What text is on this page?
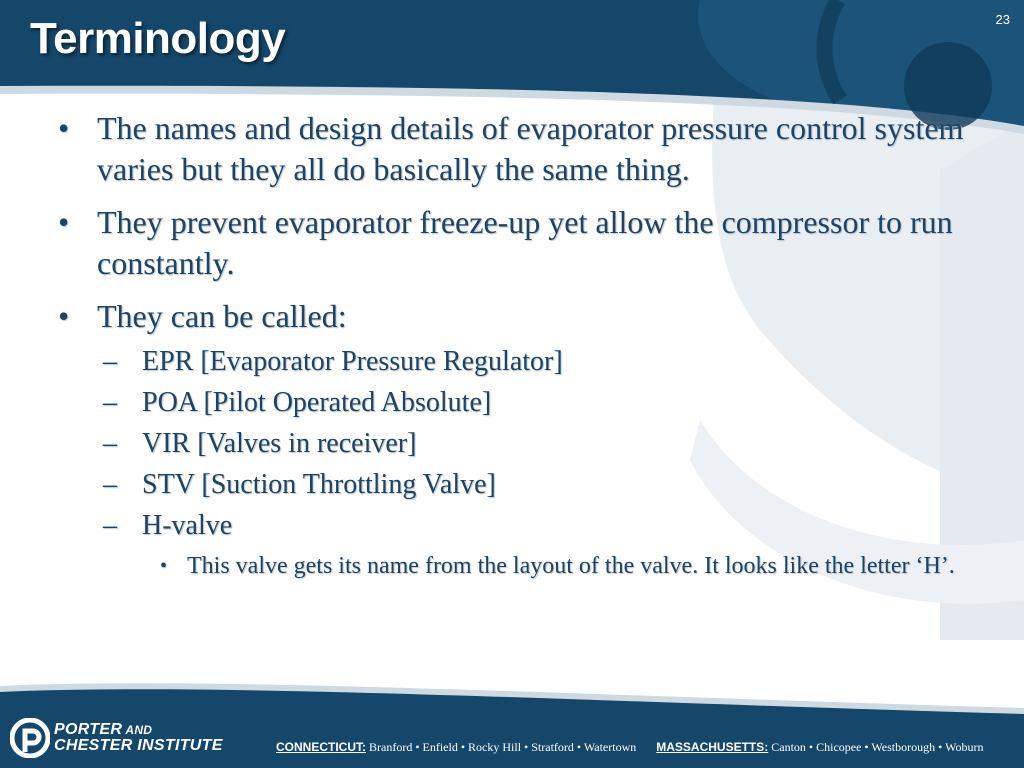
Terminology	23
• The names and design details of evaporator pressure control system varies but they all do basically the same thing.
• They prevent evaporator freeze-up yet allow the compressor to run constantly.
• They can be called:
– EPR [Evaporator Pressure Regulator]
– POA [Pilot Operated Absolute]
– VIR [Valves in receiver]
– STV [Suction Throttling Valve]
– H-valve
• This valve gets its name from the layout of the valve. It looks like the letter ‘H’.
PORTER AND
CHESTER INSTITUTE	CONNECTICUT: Branford • Enfield • Rocky Hill • Stratford • Watertown MASSACHUSETTS: Canton • Chicopee • Westborough • Woburn
